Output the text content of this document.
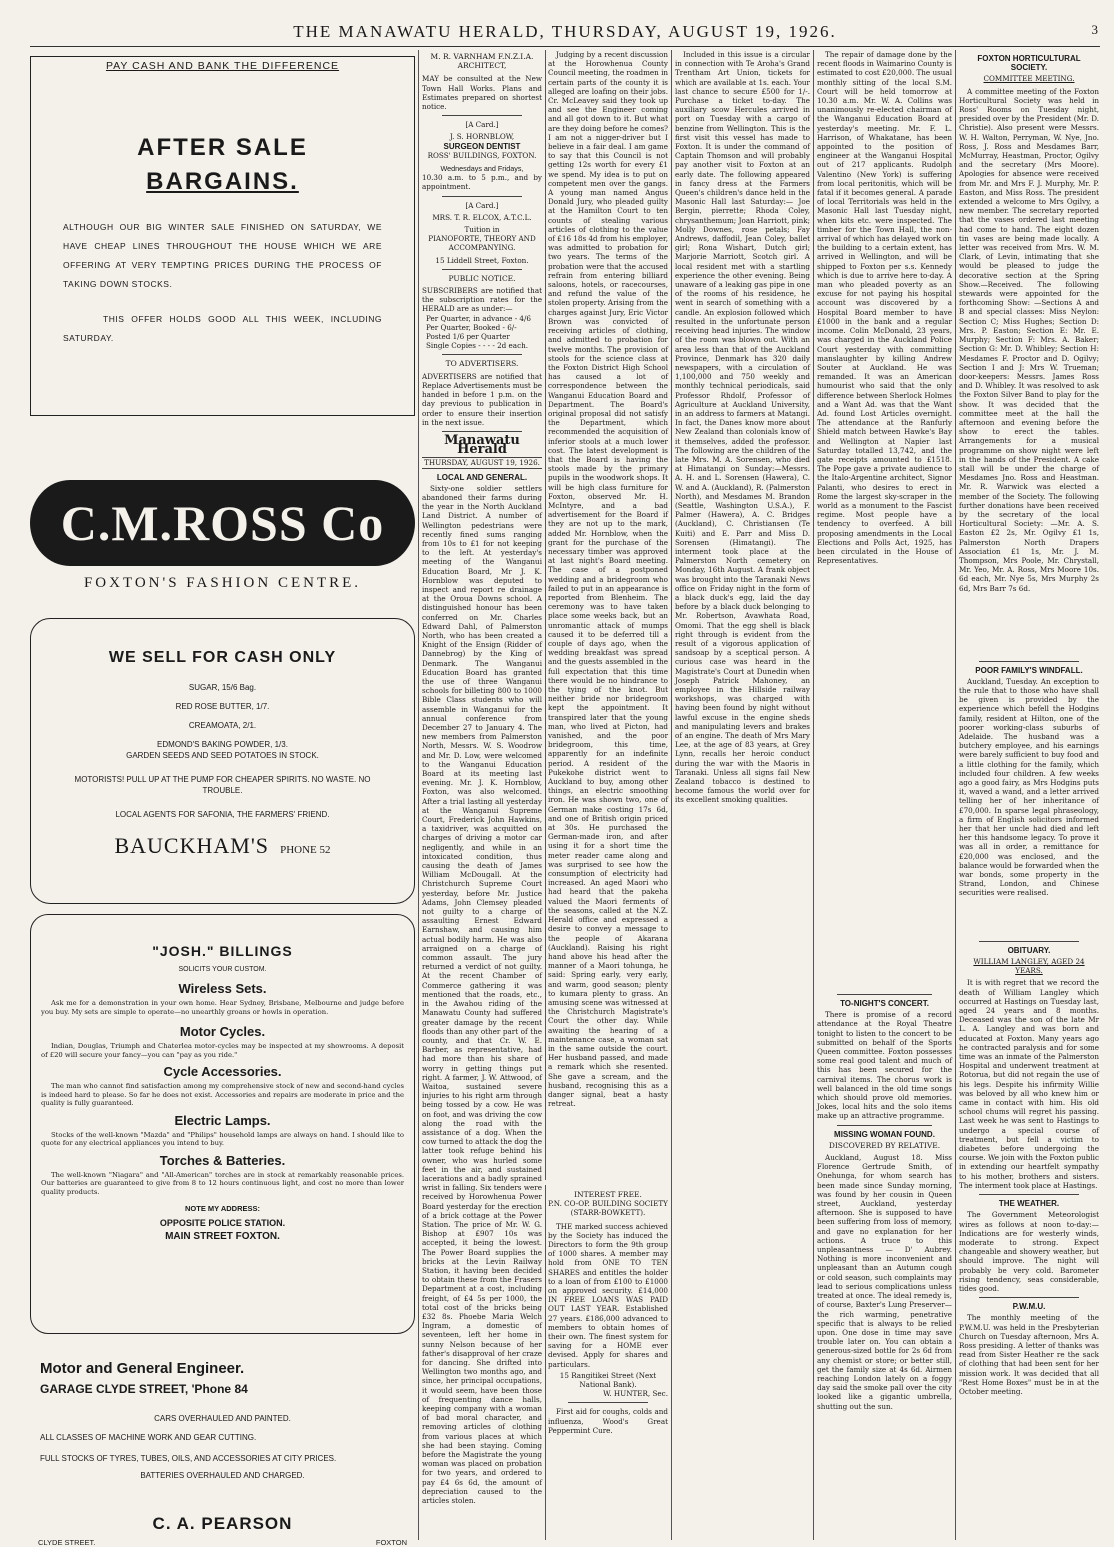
THE MANAWATU HERALD, THURSDAY, AUGUST 19, 1926.	3
PAY CASH AND BANK THE DIFFERENCE
AFTER SALE
BARGAINS.
ALTHOUGH OUR BIG WINTER SALE FINISHED ON SATURDAY, WE HAVE CHEAP LINES THROUGHOUT THE HOUSE WHICH WE ARE OFFERING AT VERY TEMPTING PRICES DURING THE PROCESS OF TAKING DOWN STOCKS.
THIS OFFER HOLDS GOOD ALL THIS WEEK, INCLUDING SATURDAY.
C.M.ROSS Co
FOXTON'S FASHION CENTRE.
WE SELL FOR CASH ONLY
SUGAR, 15/6 Bag.
RED ROSE BUTTER, 1/7.
CREAMOATA, 2/1.
EDMOND'S BAKING POWDER, 1/3.
GARDEN SEEDS AND SEED POTATOES IN STOCK.
MOTORISTS! PULL UP AT THE PUMP FOR CHEAPER SPIRITS. NO WASTE. NO TROUBLE.
LOCAL AGENTS FOR SAFONIA, THE FARMERS' FRIEND.
BAUCKHAM'S PHONE 52
"JOSH." BILLINGS
SOLICITS YOUR CUSTOM.
Wireless Sets.
Ask me for a demonstration in your own home. Hear Sydney, Brisbane, Melbourne and judge before you buy. My sets are simple to operate—no unearthly groans or howls in operation.
Motor Cycles.
Indian, Douglas, Triumph and Chaterlea motor-cycles may be inspected at my showrooms. A deposit of £20 will secure your fancy—you can "pay as you ride."
Cycle Accessories.
The man who cannot find satisfaction among my comprehensive stock of new and second-hand cycles is indeed hard to please. So far he does not exist. Accessories and repairs are moderate in price and the quality is fully guaranteed.
Electric Lamps.
Stocks of the well-known "Mazda" and "Philips" household lamps are always on hand. I should like to quote for any electrical appliances you intend to buy.
Torches & Batteries.
The well-known "Niagara" and "All-American" torches are in stock at remarkably reasonable prices. Our batteries are guaranteed to give from 8 to 12 hours continuous light, and cost no more than lower quality products.
NOTE MY ADDRESS:
OPPOSITE POLICE STATION.
MAIN STREET FOXTON.
Motor and General Engineer.
GARAGE CLYDE STREET, 'Phone 84
CARS OVERHAULED AND PAINTED.
ALL CLASSES OF MACHINE WORK AND GEAR CUTTING.
FULL STOCKS OF TYRES, TUBES, OILS, AND ACCESSORIES AT CITY PRICES.
BATTERIES OVERHAULED AND CHARGED.
C. A. PEARSON
CLYDE STREET.	FOXTON
M. R. VARNHAM F.N.Z.I.A.
ARCHITECT,
MAY be consulted at the New Town Hall Works. Plans and Estimates prepared on shortest notice.
[A Card.]
J. S. HORNBLOW,
SURGEON DENTIST
ROSS' BUILDINGS, FOXTON.
Wednesdays and Fridays,
10.30 a.m. to 5 p.m., and by appointment.
[A Card.]
MRS. T. R. ELCOX, A.T.C.L.
Tuition in
PIANOFORTE, THEORY AND ACCOMPANYING.
15 Liddell Street, Foxton.
PUBLIC NOTICE.
SUBSCRIBERS are notified that the subscription rates for the HERALD are as under:—
Per Quarter, in advance - 4/6
Per Quarter, Booked - 6/-
Posted 1/6 per Quarter
Single Copies - - - - 2d each.
TO ADVERTISERS.
ADVERTISERS are notified that Replace Advertisements must be handed in before 1 p.m. on the day previous to publication in order to ensure their insertion in the next issue.
Manawatu Herald
THURSDAY, AUGUST 19, 1926.
LOCAL AND GENERAL.
Sixty-one soldier settlers abandoned their farms during the year in the North Auckland Land District. A number of Wellington pedestrians were recently fined sums ranging from 10s to £1 for not keeping to the left. At yesterday's meeting of the Wanganui Education Board, Mr J. K. Hornblow was deputed to inspect and report re drainage at the Oroua Downs school. A distinguished honour has been conferred on Mr. Charles Edward Dahl, of Palmerston North, who has been created a Knight of the Ensign (Ridder of Dannebrog) by the King of Denmark. The Wanganui Education Board has granted the use of three Wanganui schools for billeting 800 to 1000 Bible Class students who will assemble in Wanganui for the annual conference from December 27 to January 4. The new members from Palmerston North, Messrs. W. S. Woodrow and Mr. D. Low, were welcomed to the Wanganui Education Board at its meeting last evening. Mr. J. K. Hornblow, Foxton, was also welcomed. After a trial lasting all yesterday at the Wanganui Supreme Court, Frederick John Hawkins, a taxidriver, was acquitted on charges of driving a motor car negligently, and while in an intoxicated condition, thus causing the death of James William McDougall. At the Christchurch Supreme Court yesterday, before Mr. Justice Adams, John Clemsey pleaded not guilty to a charge of assaulting Ernest Edward Earnshaw, and causing him actual bodily harm. He was also arraigned on a charge of common assault. The jury returned a verdict of not guilty. At the recent Chamber of Commerce gathering it was mentioned that the roads, etc., in the Awahou riding of the Manawatu County had suffered greater damage by the recent floods than any other part of the county, and that Cr. W. E. Barber, as representative, had had more than his share of worry in getting things put right. A farmer, J. W. Attwood, of Waitoa, sustained severe injuries to his right arm through being tossed by a cow. He was on foot, and was driving the cow along the road with the assistance of a dog. When the cow turned to attack the dog the latter took refuge behind his owner, who was hurled some feet in the air, and sustained lacerations and a badly sprained wrist in falling. Six tenders were received by Horowhenua Power Board yesterday for the erection of a brick cottage at the Power Station. The price of Mr. W. G. Bishop at £907 10s was accepted, it being the lowest. The Power Board supplies the bricks at the Levin Railway Station, it having been decided to obtain these from the Frasers Department at a cost, including freight, of £4 5s per 1000, the total cost of the bricks being £32 8s. Phoebe Maria Welch Ingram, a domestic of seventeen, left her home in sunny Nelson because of her father's disapproval of her craze for dancing. She drifted into Wellington two months ago, and since, her principal occupations, it would seem, have been those of frequenting dance halls, keeping company with a woman of bad moral character, and removing articles of clothing from various places at which she had been staying. Coming before the Magistrate the young woman was placed on probation for two years, and ordered to pay £4 6s 6d, the amount of depreciation caused to the articles stolen.
INTEREST FREE.
P.N. CO-OP. BUILDING SOCIETY (STARR-BOWKETT).
THE marked success achieved by the Society has induced the Directors to form the 9th group of 1000 shares. A member may hold from ONE TO TEN SHARES and entitles the holder to a loan of from £100 to £1000 on approved security. £14,000 IN FREE LOANS WAS PAID OUT LAST YEAR. Established 27 years. £186,000 advanced to members to obtain homes of their own. The finest system for saving for a HOME ever devised. Apply for shares and particulars.
15 Rangitikei Street (Next National Bank).
W. HUNTER, Sec.
First aid for coughs, colds and influenza, Wood's Great Peppermint Cure.
Judging by a recent discussion at the Horowhenua County Council meeting, the roadmen in certain parts of the county it is alleged are loafing on their jobs. Cr. McLeavey said they took up and see the Engineer coming and all got down to it. But what are they doing before he comes? I am not a nigger-driver but I believe in a fair deal. I am game to say that this Council is not getting 12s worth for every £1 we spend. My idea is to put on competent men over the gangs. A young man named Angus Donald Jury, who pleaded guilty at the Hamilton Court to ten counts of stealing various articles of clothing to the value of £16 18s 4d from his employer, was admitted to probation for two years. The terms of the probation were that the accused refrain from entering billiard saloons, hotels, or racecourses, and refund the value of the stolen property. Arising from the charges against Jury, Eric Victor Brown was convicted of receiving articles of clothing, and admitted to probation for twelve months. The provision of stools for the science class at the Foxton District High School has caused a lot of correspondence between the Wanganui Education Board and Department. The Board's original proposal did not satisfy the Department, which recommended the acquisition of inferior stools at a much lower cost. The latest development is that the Board is having the stools made by the primary pupils in the woodwork shops. It will be high class furniture for Foxton, observed Mr. H. McIntyre, and a bad advertisement for the Board if they are not up to the mark, added Mr. Hornblow, when the grant for the purchase of the necessary timber was approved at last night's Board meeting. The case of a postponed wedding and a bridegroom who failed to put in an appearance is reported from Blenheim. The ceremony was to have taken place some weeks back, but an unromantic attack of mumps caused it to be deferred till a couple of days ago, when the wedding breakfast was spread and the guests assembled in the full expectation that this time there would be no hindrance to the tying of the knot. But neither bride nor bridegroom kept the appointment. It transpired later that the young man, who lived at Picton, had vanished, and the poor bridegroom, this time, apparently for an indefinite period. A resident of the Pukekohe district went to Auckland to buy, among other things, an electric smoothing iron. He was shown two, one of German make costing 17s 6d, and one of British origin priced at 30s. He purchased the German-made iron, and after using it for a short time the meter reader came along and was surprised to see how the consumption of electricity had increased. An aged Maori who had heard that the pakeha valued the Maori ferments of the seasons, called at the N.Z. Herald office and expressed a desire to convey a message to the people of Akarana (Auckland). Raising his right hand above his head after the manner of a Maori tohunga, he said: Spring early, very early, and warm, good season; plenty to kumara plenty to grass. An amusing scene was witnessed at the Christchurch Magistrate's Court the other day. While awaiting the hearing of a maintenance case, a woman sat in the same outside the court. Her husband passed, and made a remark which she resented. She gave a scream, and the husband, recognising this as a danger signal, beat a hasty retreat.
Included in this issue is a circular in connection with Te Aroha's Grand Trentham Art Union, tickets for which are available at 1s. each. Your last chance to secure £500 for 1/-. Purchase a ticket to-day. The auxiliary scow Hercules arrived in port on Tuesday with a cargo of benzine from Wellington. This is the first visit this vessel has made to Foxton. It is under the command of Captain Thomson and will probably pay another visit to Foxton at an early date. The following appeared in fancy dress at the Farmers Queen's children's dance held in the Masonic Hall last Saturday:— Joe Bergin, pierrette; Rhoda Coley, chrysanthemum; Joan Harriott, pink; Molly Downes, rose petals; Fay Andrews, daffodil, Jean Coley, ballet girl; Rona Wishart, Dutch girl; Marjorie Marriott, Scotch girl. A local resident met with a startling experience the other evening. Being unaware of a leaking gas pipe in one of the rooms of his residence, he went in search of something with a candle. An explosion followed which resulted in the unfortunate person receiving head injuries. The window of the room was blown out. With an area less than that of the Auckland Province, Denmark has 320 daily newspapers, with a circulation of 1,100,000 and 750 weekly and monthly technical periodicals, said Professor Rhdolf, Professor of Agriculture at Auckland University, in an address to farmers at Matangi. In fact, the Danes know more about New Zealand than colonials know of it themselves, added the professor. The following are the children of the late Mrs. M. A. Sorensen, who died at Himatangi on Sunday:—Messrs. A. H. and L. Sorensen (Hawera), C. W. and A. (Auckland), R. (Palmerston North), and Mesdames M. Brandon (Seattle, Washington U.S.A.), F. Palmer (Hawera), A. C. Bridges (Auckland), C. Christiansen (Te Kuiti) and E. Parr and Miss D. Sorensen (Himatangi). The interment took place at the Palmerston North cemetery on Monday, 16th August. A frank object was brought into the Taranaki News office on Friday night in the form of a black duck's egg, laid the day before by a black duck belonging to Mr. Robertson, Avawhata Road, Omomi. That the egg shell is black right through is evident from the result of a vigorous application of sandsoap by a sceptical person. A curious case was heard in the Magistrate's Court at Dunedin when Joseph Patrick Mahoney, an employee in the Hillside railway workshops, was charged with having been found by night without lawful excuse in the engine sheds and manipulating levers and brakes of an engine. The death of Mrs Mary Lee, at the age of 83 years, at Grey Lynn, recalls her heroic conduct during the war with the Maoris in Taranaki. Unless all signs fail New Zealand tobacco is destined to become famous the world over for its excellent smoking qualities.
The repair of damage done by the recent floods in Waimarino County is estimated to cost £20,000. The usual monthly sitting of the local S.M. Court will be held tomorrow at 10.30 a.m. Mr. W. A. Collins was unanimously re-elected chairman of the Wanganui Education Board at yesterday's meeting. Mr. F. L. Harrison, of Whakatane, has been appointed to the position of engineer at the Wanganui Hospital out of 217 applicants. Rudolph Valentino (New York) is suffering from local peritonitis, which will be fatal if it becomes general. A parade of local Territorials was held in the Masonic Hall last Tuesday night, when kits etc. were inspected. The timber for the Town Hall, the non-arrival of which has delayed work on the building to a certain extent, has arrived in Wellington, and will be shipped to Foxton per s.s. Kennedy which is due to arrive here to-day. A man who pleaded poverty as an excuse for not paying his hospital account was discovered by a Hospital Board member to have £1000 in the bank and a regular income. Colin McDonald, 23 years, was charged in the Auckland Police Court yesterday with committing manslaughter by killing Andrew Souter at Auckland. He was remanded. It was an American humourist who said that the only difference between Sherlock Holmes and a Want Ad. was that the Want Ad. found Lost Articles overnight. The attendance at the Ranfurly Shield match between Hawke's Bay and Wellington at Napier last Saturday totalled 13,742, and the gate receipts amounted to £1518. The Pope gave a private audience to the Italo-Argentine architect, Signor Palanti, who desires to erect in Rome the largest sky-scraper in the world as a monument to the Fascist regime. Most people have a tendency to overfeed. A bill proposing amendments in the Local Elections and Polls Act, 1925, has been circulated in the House of Representatives.
TO-NIGHT'S CONCERT.
There is promise of a record attendance at the Royal Theatre tonight to listen to the concert to be submitted on behalf of the Sports Queen committee. Foxton possesses some real good talent and much of this has been secured for the carnival items. The chorus work is well balanced in the old time songs which should prove old memories. Jokes, local hits and the solo items make up an attractive programme.
MISSING WOMAN FOUND.
DISCOVERED BY RELATIVE.
Auckland, August 18. Miss Florence Gertrude Smith, of Onehunga, for whom search has been made since Sunday morning, was found by her cousin in Queen street, Auckland, yesterday afternoon. She is supposed to have been suffering from loss of memory, and gave no explanation for her actions. A truce to this unpleasantness — D' Aubrey. Nothing is more inconvenient and unpleasant than an Autumn cough or cold season, such complaints may lead to serious complications unless treated at once. The ideal remedy is, of course, Baxter's Lung Preserver—the rich warming, penetrative specific that is always to be relied upon. One dose in time may save trouble later on. You can obtain a generous-sized bottle for 2s 6d from any chemist or store; or better still, get the family size at 4s 6d. Airmen reaching London lately on a foggy day said the smoke pall over the city looked like a gigantic umbrella, shutting out the sun.
FOXTON HORTICULTURAL SOCIETY.
COMMITTEE MEETING.
A committee meeting of the Foxton Horticultural Society was held in Ross' Rooms on Tuesday night, presided over by the President (Mr. D. Christie). Also present were Messrs. W. H. Walton, Perryman, W. Nye, Jno. Ross, J. Ross and Mesdames Barr, McMurray, Heastman, Proctor, Ogilvy and the secretary (Mrs Moore). Apologies for absence were received from Mr. and Mrs F. J. Murphy, Mr. P. Easton, and Miss Ross. The president extended a welcome to Mrs Ogilvy, a new member. The secretary reported that the vases ordered last meeting had come to hand. The eight dozen tin vases are being made locally. A letter was received from Mrs. W. M. Clark, of Levin, intimating that she would be pleased to judge the decorative section at the Spring Show.—Received. The following stewards were appointed for the forthcoming Show: —Sections A and B and special classes: Miss Neylon: Section C; Miss Hughes; Section D: Mrs. P. Easton; Section E: Mr. E. Murphy; Section F: Mrs. A. Baker; Section G: Mr. D. Whibley; Section H: Mesdames F. Proctor and D. Ogilvy; Section I and J: Mrs W. Trueman; door-keepers: Messrs. James Ross and D. Whibley. It was resolved to ask the Foxton Silver Band to play for the show. It was decided that the committee meet at the hall the afternoon and evening before the show to erect the tables. Arrangements for a musical programme on show night were left in the hands of the President. A cake stall will be under the charge of Mesdames Jno. Ross and Heastman. Mr. R. Warwick was elected a member of the Society. The following further donations have been received by the secretary of the local Horticultural Society: —Mr. A. S. Easton £2 2s, Mr. Ogilvy £1 1s, Palmerston North Drapers Association £1 1s, Mr. J. M. Thompson, Mrs Poole, Mr. Chrystall, Mr. Yeo, Mr. A. Ross, Mrs Moore 10s. 6d each, Mr. Nye 5s, Mrs Murphy 2s 6d, Mrs Barr 7s 6d.
POOR FAMILY'S WINDFALL.
Auckland, Tuesday. An exception to the rule that to those who have shall be given is provided by the experience which befell the Hodgins family, resident at Hilton, one of the poorer working-class suburbs of Adelaide. The husband was a butchery employee, and his earnings were barely sufficient to buy food and a little clothing for the family, which included four children. A few weeks ago a good fairy, as Mrs Hodgins puts it, waved a wand, and a letter arrived telling her of her inheritance of £70,000. In sparse legal phraseology, a firm of English solicitors informed her that her uncle had died and left her this handsome legacy. To prove it was all in order, a remittance for £20,000 was enclosed, and the balance would be forwarded when the war bonds, some property in the Strand, London, and Chinese securities were realised.
OBITUARY.
WILLIAM LANGLEY, AGED 24 YEARS.
It is with regret that we record the death of William Langley which occurred at Hastings on Tuesday last, aged 24 years and 8 months. Deceased was the son of the late Mr L. A. Langley and was born and educated at Foxton. Many years ago he contracted paralysis and for some time was an inmate of the Palmerston Hospital and underwent treatment at Rotorua, but did not regain the use of his legs. Despite his infirmity Willie was beloved by all who knew him or came in contact with him. His old school chums will regret his passing. Last week he was sent to Hastings to undergo a special course of treatment, but fell a victim to diabetes before undergoing the course. We join with the Foxton public in extending our heartfelt sympathy to his mother, brothers and sisters. The interment took place at Hastings.
THE WEATHER.
The Government Meteorologist wires as follows at noon to-day:— Indications are for westerly winds, moderate to strong. Expect changeable and showery weather, but should improve. The night will probably be very cold. Barometer rising tendency, seas considerable, tides good.
P.W.M.U.
The monthly meeting of the P.W.M.U. was held in the Presbyterian Church on Tuesday afternoon, Mrs A. Ross presiding. A letter of thanks was read from Sister Heather re the sack of clothing that had been sent for her mission work. It was decided that all "Rest Home Boxes" must be in at the October meeting.
